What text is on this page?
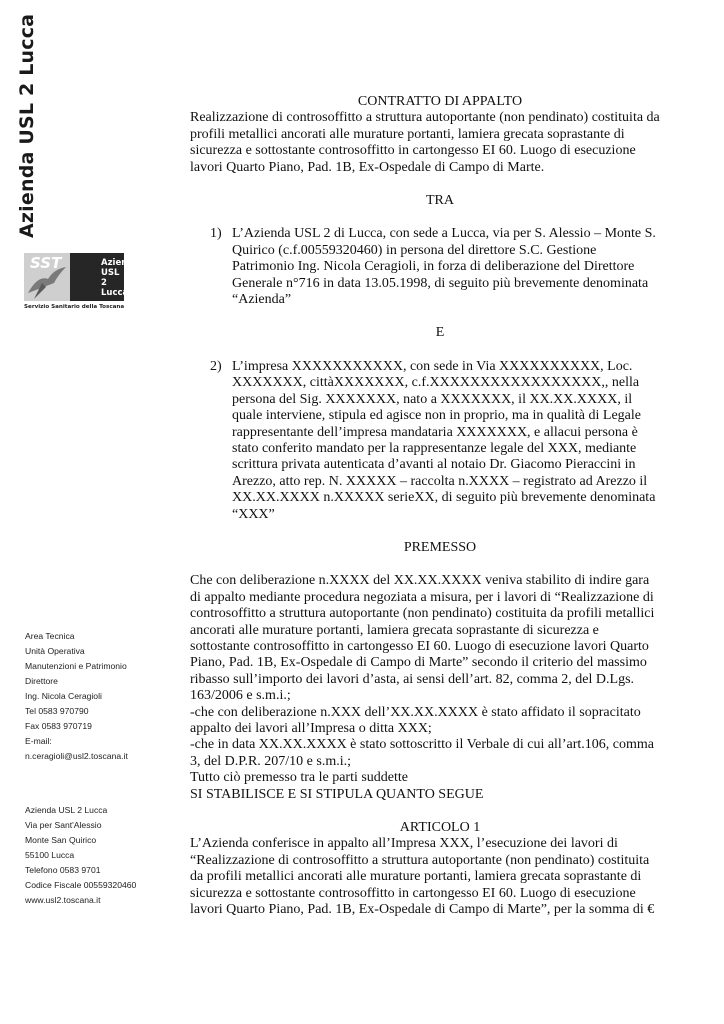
Azienda USL 2 Lucca
SST	Azienda
USL 2
Lucca
Servizio Sanitario della Toscana
Area Tecnica
Unità Operativa
Manutenzioni e Patrimonio
Direttore
Ing. Nicola Ceragioli
Tel 0583 970790
Fax 0583 970719
E-mail:
n.ceragioli@usl2.toscana.it
Azienda USL 2 Lucca
Via per Sant'Alessio
Monte San Quirico
55100 Lucca
Telefono 0583 9701
Codice Fiscale 00559320460
www.usl2.toscana.it

CONTRATTO DI APPALTO

Realizzazione di controsoffitto a struttura autoportante (non pendinato) costituita da
profili metallici ancorati alle murature portanti, lamiera grecata soprastante di
sicurezza e sottostante controsoffitto in cartongesso EI 60. Luogo di esecuzione
lavori Quarto Piano, Pad. 1B, Ex-Ospedale di Campo di Marte.

TRA

1) L’Azienda USL 2 di Lucca, con sede a Lucca, via per S. Alessio – Monte S.
Quirico (c.f.00559320460) in persona del direttore S.C. Gestione
Patrimonio Ing. Nicola Ceragioli, in forza di deliberazione del Direttore
Generale n°716 in data 13.05.1998, di seguito più brevemente denominata
“Azienda”

E

2) L’impresa XXXXXXXXXXX, con sede in Via XXXXXXXXXX, Loc.
XXXXXXX, cittàXXXXXXX, c.f.XXXXXXXXXXXXXXXXX,, nella
persona del Sig. XXXXXXX, nato a XXXXXXX, il XX.XX.XXXX, il
quale interviene, stipula ed agisce non in proprio, ma in qualità di Legale
rappresentante dell’impresa mandataria XXXXXXX, e allacui persona è
stato conferito mandato per la rappresentanze legale del XXX, mediante
scrittura privata autenticata d’avanti al notaio Dr. Giacomo Pieraccini in
Arezzo, atto rep. N. XXXXX – raccolta n.XXXX – registrato ad Arezzo il
XX.XX.XXXX n.XXXXX serieXX, di seguito più brevemente denominata
“XXX”

PREMESSO

Che con deliberazione n.XXXX del XX.XX.XXXX veniva stabilito di indire gara
di appalto mediante procedura negoziata a misura, per i lavori di “Realizzazione di
controsoffitto a struttura autoportante (non pendinato) costituita da profili metallici
ancorati alle murature portanti, lamiera grecata soprastante di sicurezza e
sottostante controsoffitto in cartongesso EI 60. Luogo di esecuzione lavori Quarto
Piano, Pad. 1B, Ex-Ospedale di Campo di Marte” secondo il criterio del massimo
ribasso sull’importo dei lavori d’asta, ai sensi dell’art. 82, comma 2, del D.Lgs.
163/2006 e s.m.i.;
-che con deliberazione n.XXX dell’XX.XX.XXXX è stato affidato il sopracitato
appalto dei lavori all’Impresa o ditta XXX;
-che in data XX.XX.XXXX è stato sottoscritto il Verbale di cui all’art.106, comma
3, del D.P.R. 207/10 e s.m.i.;
Tutto ciò premesso tra le parti suddette
SI STABILISCE E SI STIPULA QUANTO SEGUE

ARTICOLO 1

L’Azienda conferisce in appalto all’Impresa XXX, l’esecuzione dei lavori di
“Realizzazione di controsoffitto a struttura autoportante (non pendinato) costituita
da profili metallici ancorati alle murature portanti, lamiera grecata soprastante di
sicurezza e sottostante controsoffitto in cartongesso EI 60. Luogo di esecuzione
lavori Quarto Piano, Pad. 1B, Ex-Ospedale di Campo di Marte”, per la somma di €
